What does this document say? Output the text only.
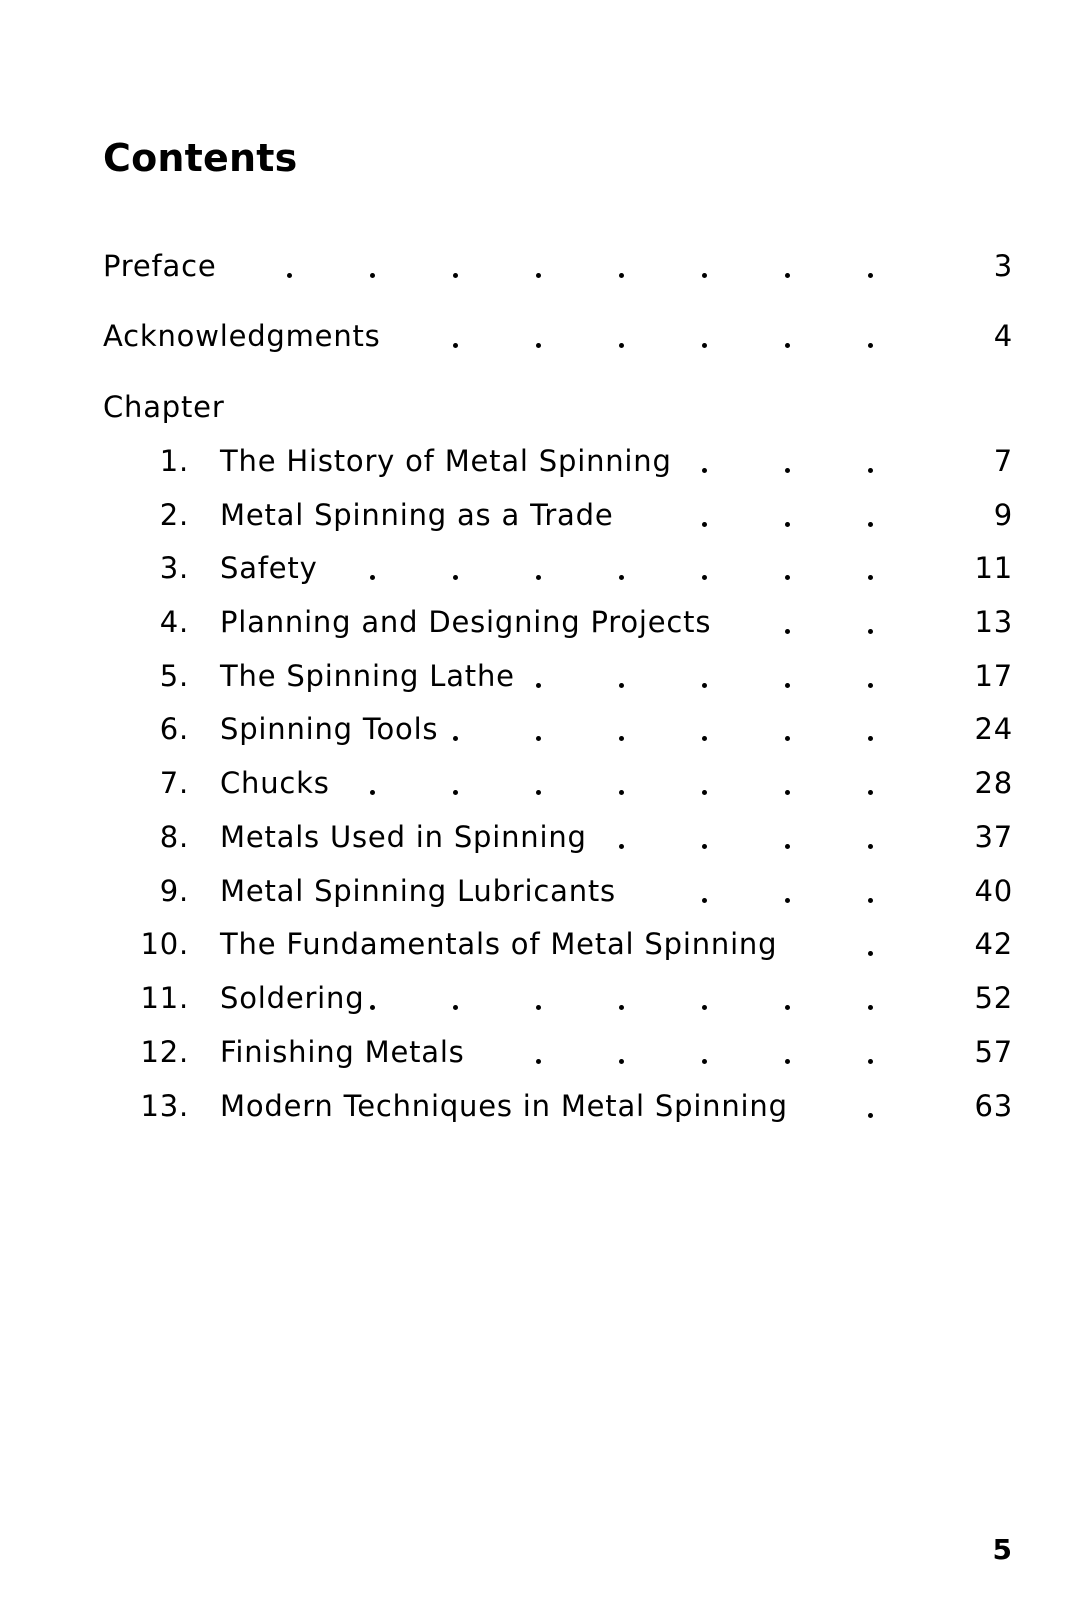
Contents
Preface	3
Acknowledgments	4
Chapter
1. The History of Metal Spinning	7
2. Metal Spinning as a Trade	9
3. Safety	11
4. Planning and Designing Projects	13
5. The Spinning Lathe	17
6. Spinning Tools	24
7. Chucks	28
8. Metals Used in Spinning	37
9. Metal Spinning Lubricants	40
10. The Fundamentals of Metal Spinning	42
11. Soldering	52
12. Finishing Metals	57
13. Modern Techniques in Metal Spinning	63
5
